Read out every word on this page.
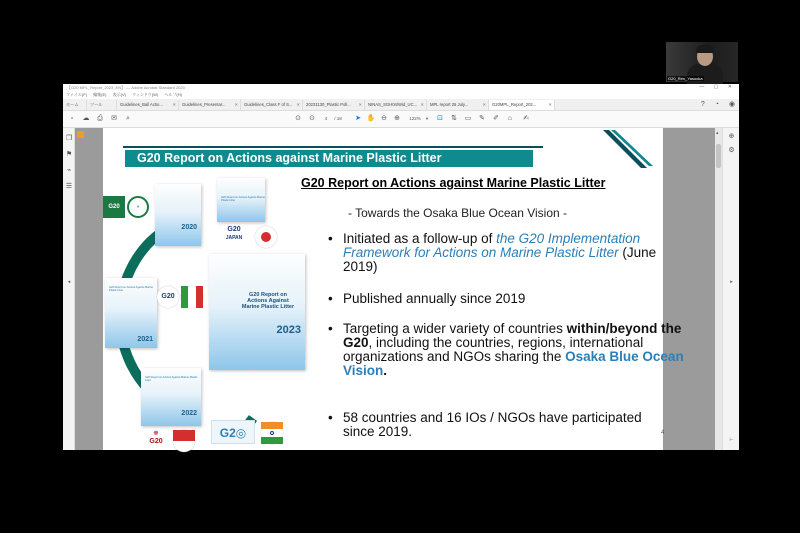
G20_Ren_Yasuoka
【G20 MPL_Report_2023_EN】 — Adobe Acrobat Standard 2020	— ▢ ✕
ファイル(F) 編集(E) 表示(V) ウィンドウ(W) ヘルプ(H)
ホーム	ツール	Guidelines_Ball Actio... ✕	Guidelines_Presentar... ✕	Guidelines_Class F of S... ✕	20231130_Plastic Poll... ✕	NINAS_SGH04/Wid_UC... ✕	MPL report 25 July...	✕	G20MPL_Report_202...	✕	? ◔ ◉
▫	☁	⎙	✉	⌕	⊙ ⊙	4	/ 18	➤ ✋ ⊖ ⊕	122%	▾ ⊡ ⇅ ▭ ✎ ✐	⌂	✍
❐
⚑
⌁
☰
◂
G20 Report on Actions against Marine Plastic Litter
G20	⚜
2020
G20 Report on Actions Against Marine Plastic Litter
G20
JAPAN
G20 Report on Actions Against Marine Plastic Litter
2021
G20	G20 Report on Actions Against Marine Plastic Litter
2023
G20 Report on Actions Against Marine Plastic Litter
2022
☸
G20
G2◎
G20 Report on Actions against Marine Plastic Litter
- Towards the Osaka Blue Ocean Vision -
• Initiated as a follow-up of the G20 Implementation Framework for Actions on Marine Plastic Litter (June 2019)
• Published annually since 2019
• Targeting a wider variety of countries within/beyond the G20, including the countries, regions, international organizations and NGOs sharing the Osaka Blue Ocean Vision.
• 58 countries and 16 IOs / NGOs have participated since 2019.	4
▴ ⊕
⚙
▸
⊢
